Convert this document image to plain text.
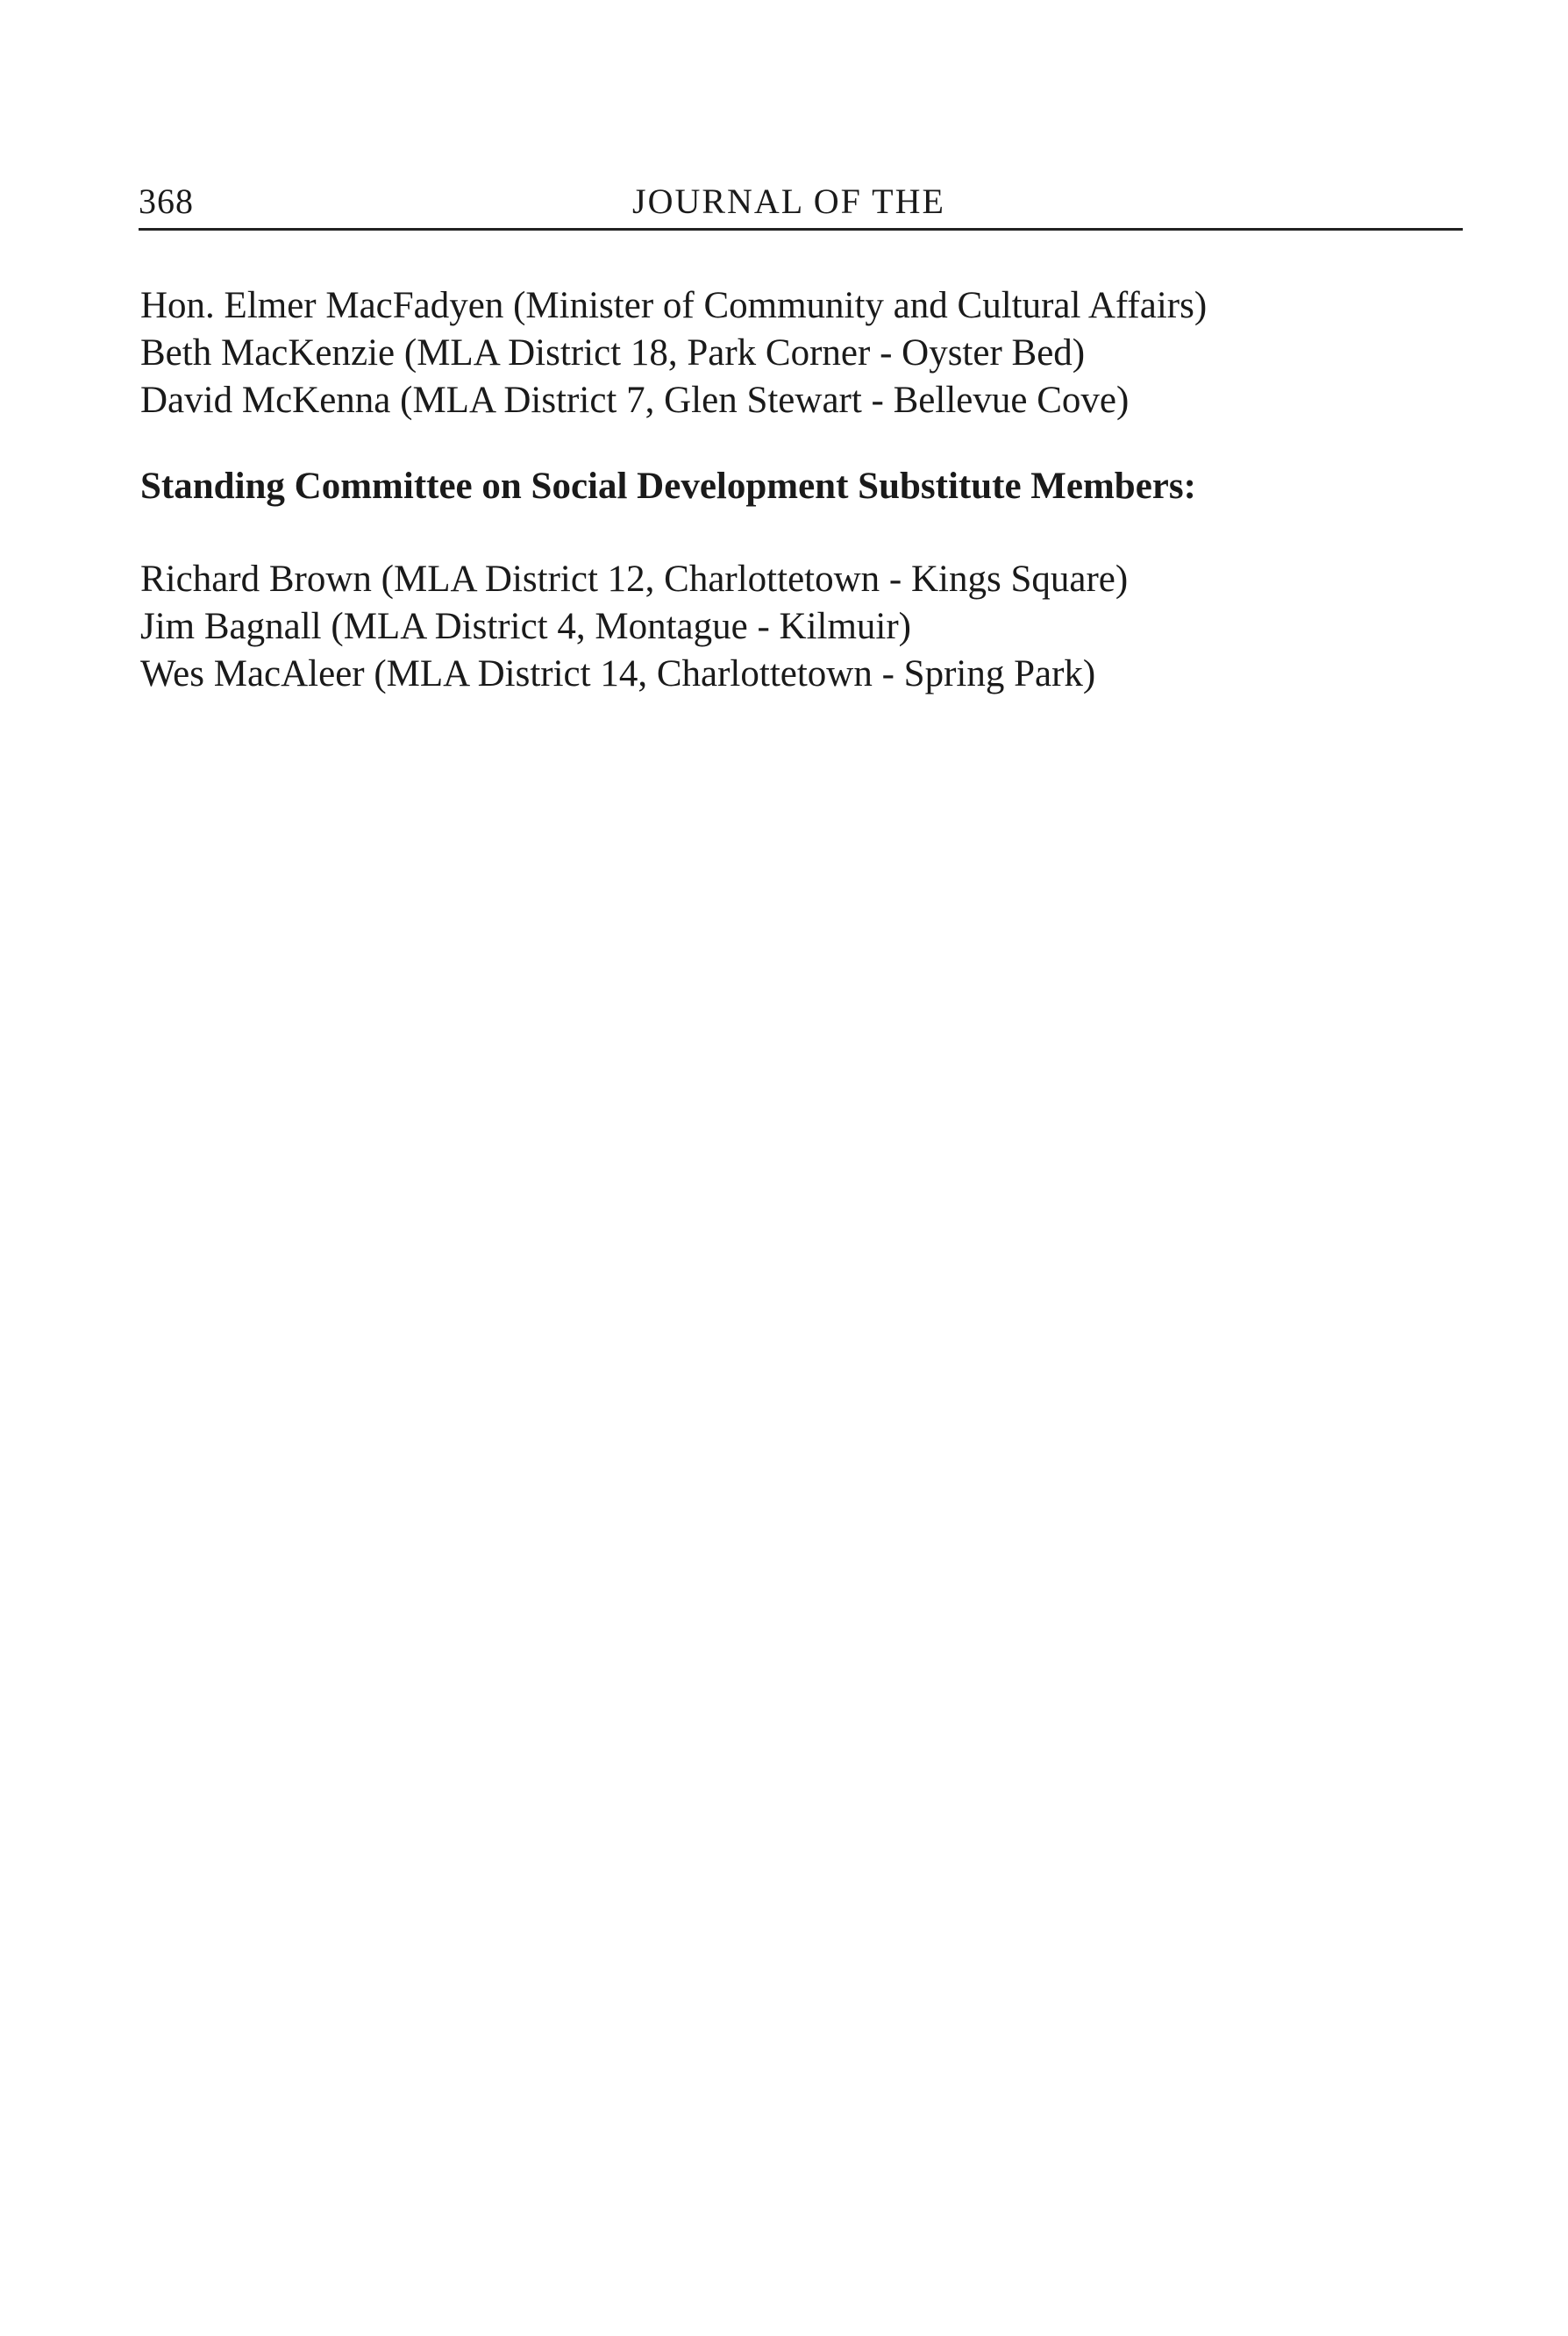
368	JOURNAL OF THE
Hon. Elmer MacFadyen (Minister of Community and Cultural Affairs)
Beth MacKenzie (MLA District 18, Park Corner - Oyster Bed)
David McKenna (MLA District 7, Glen Stewart - Bellevue Cove)
Standing Committee on Social Development Substitute Members:
Richard Brown (MLA District 12, Charlottetown - Kings Square)
Jim Bagnall (MLA District 4, Montague - Kilmuir)
Wes MacAleer (MLA District 14, Charlottetown - Spring Park)
